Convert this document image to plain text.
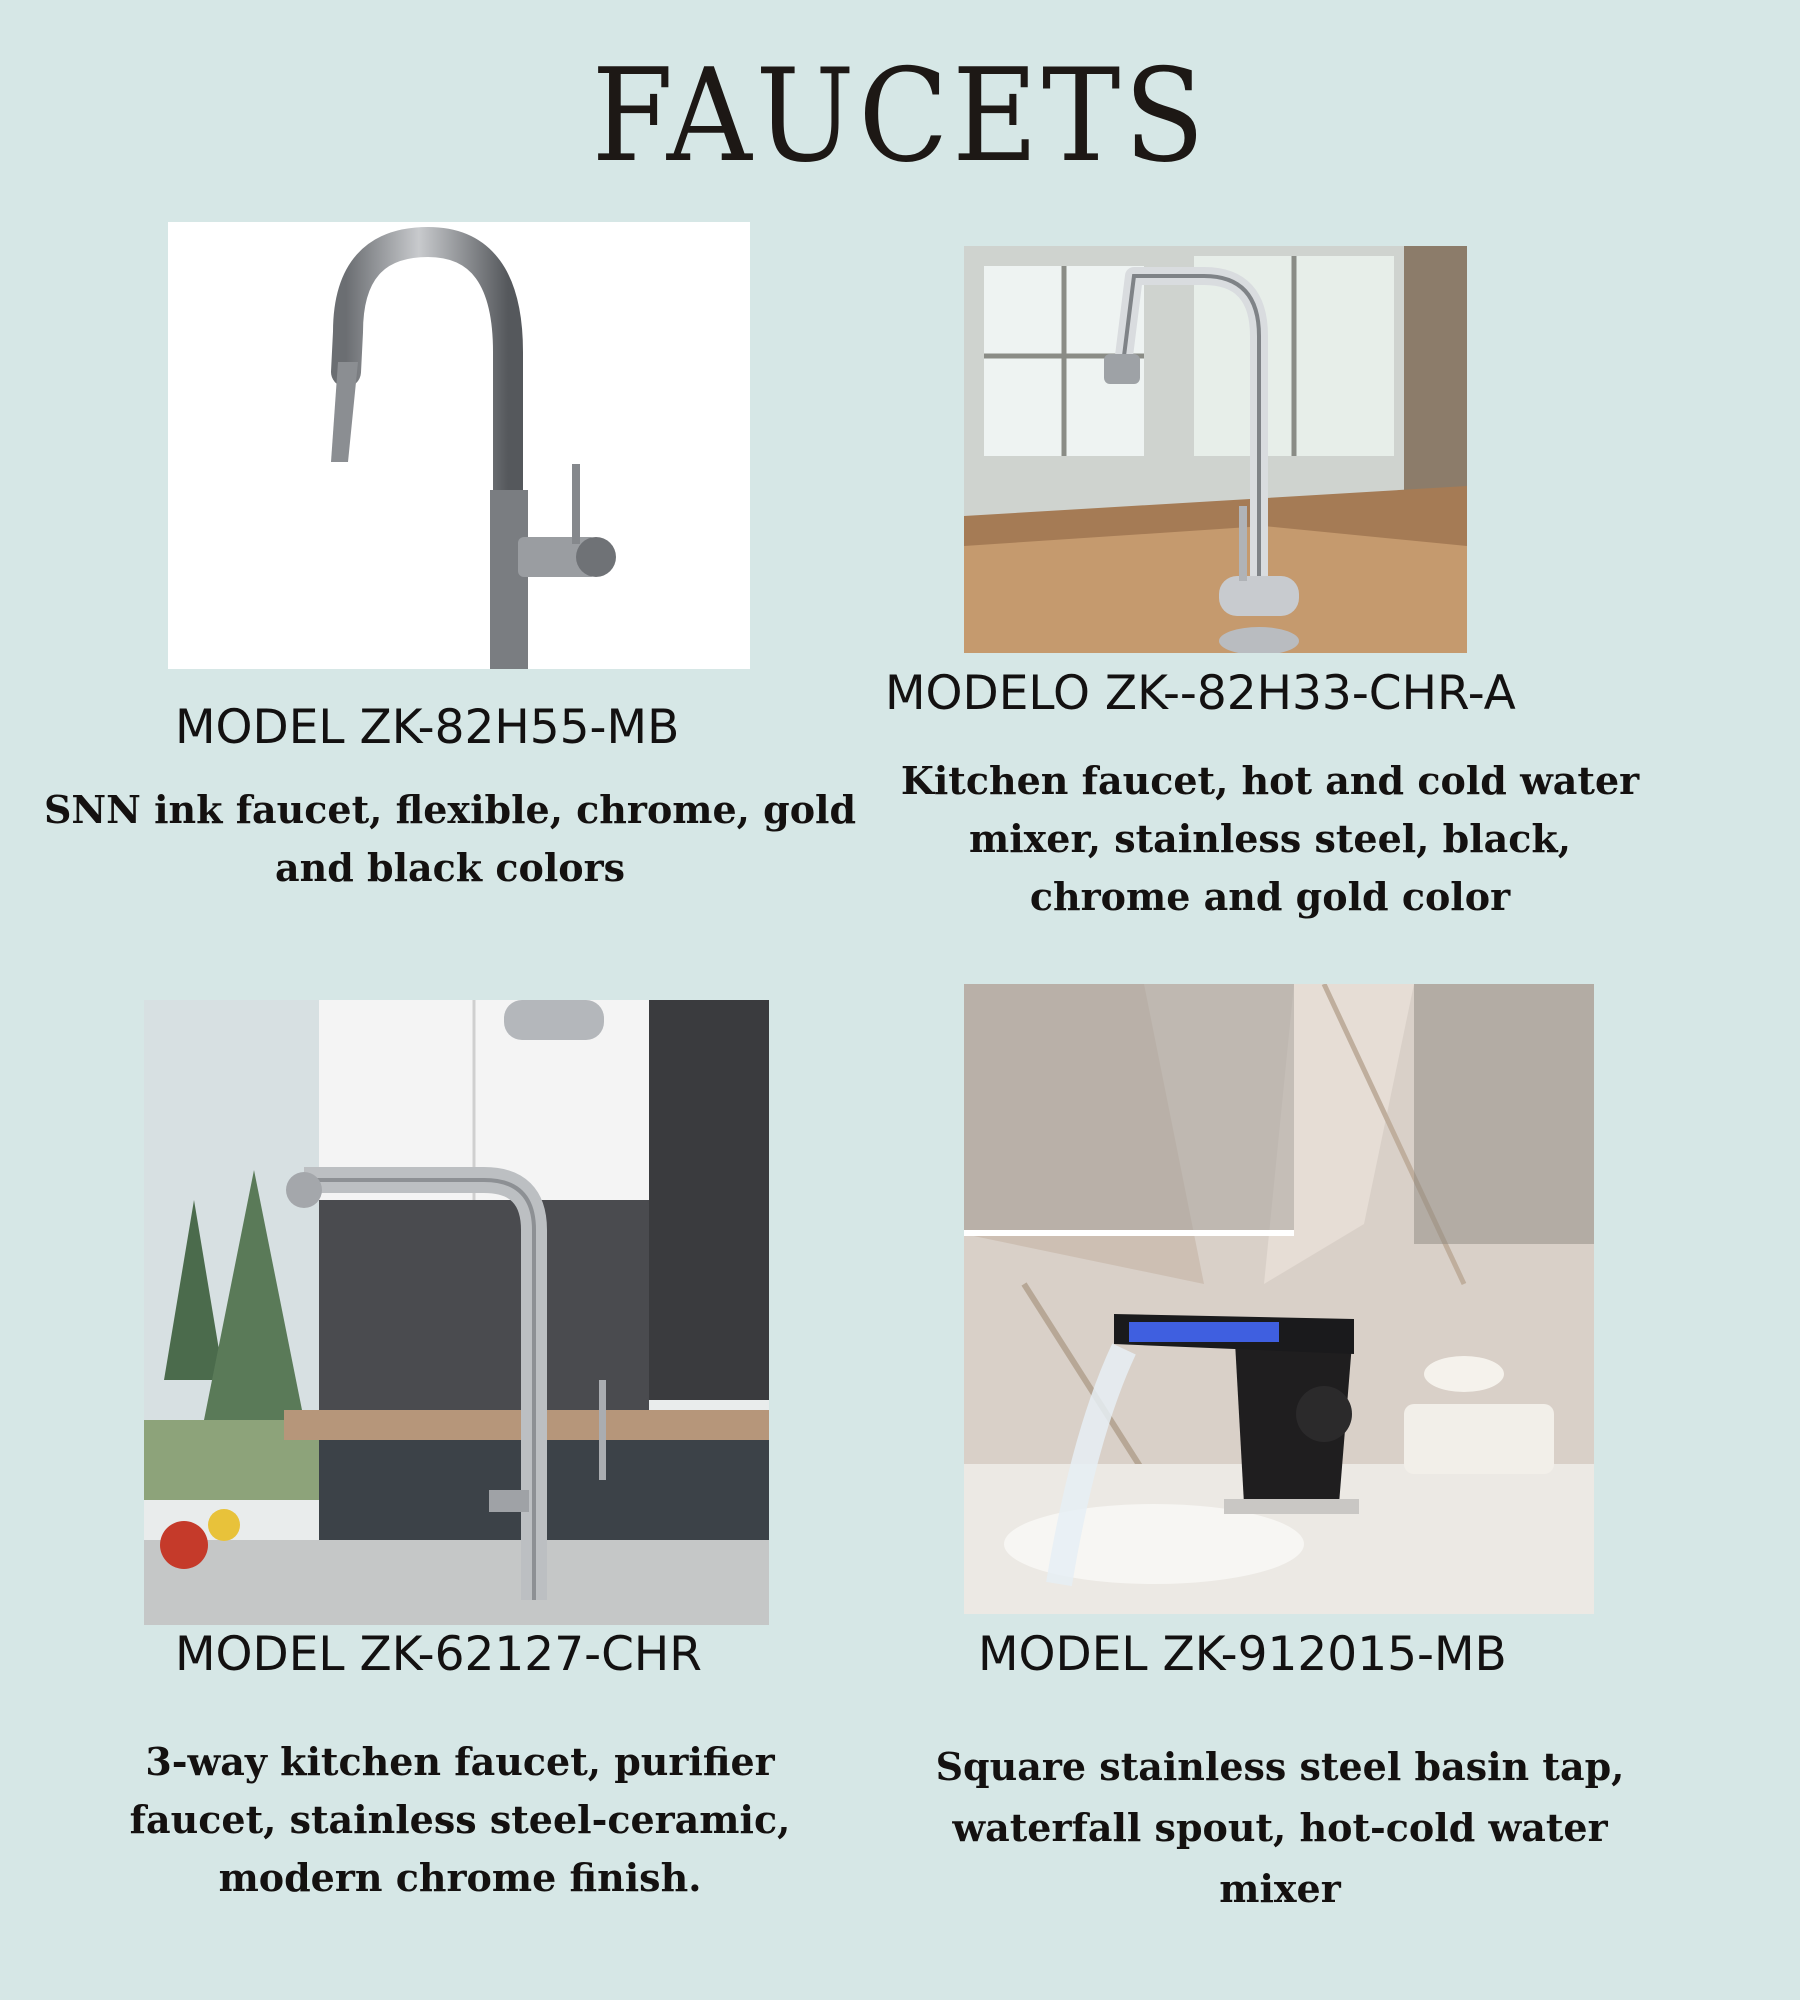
FAUCETS
MODEL ZK-82H55-MB
MODELO ZK--82H33-CHR-A
MODEL ZK-62127-CHR	MODEL ZK-912015-MB
SNN ink faucet, flexible, chrome, gold
and black colors
Kitchen faucet, hot and cold water
mixer, stainless steel, black,
chrome and gold color
3-way kitchen faucet, purifier
faucet, stainless steel-ceramic,
modern chrome finish.
Square stainless steel basin tap,
waterfall spout, hot-cold water
mixer
